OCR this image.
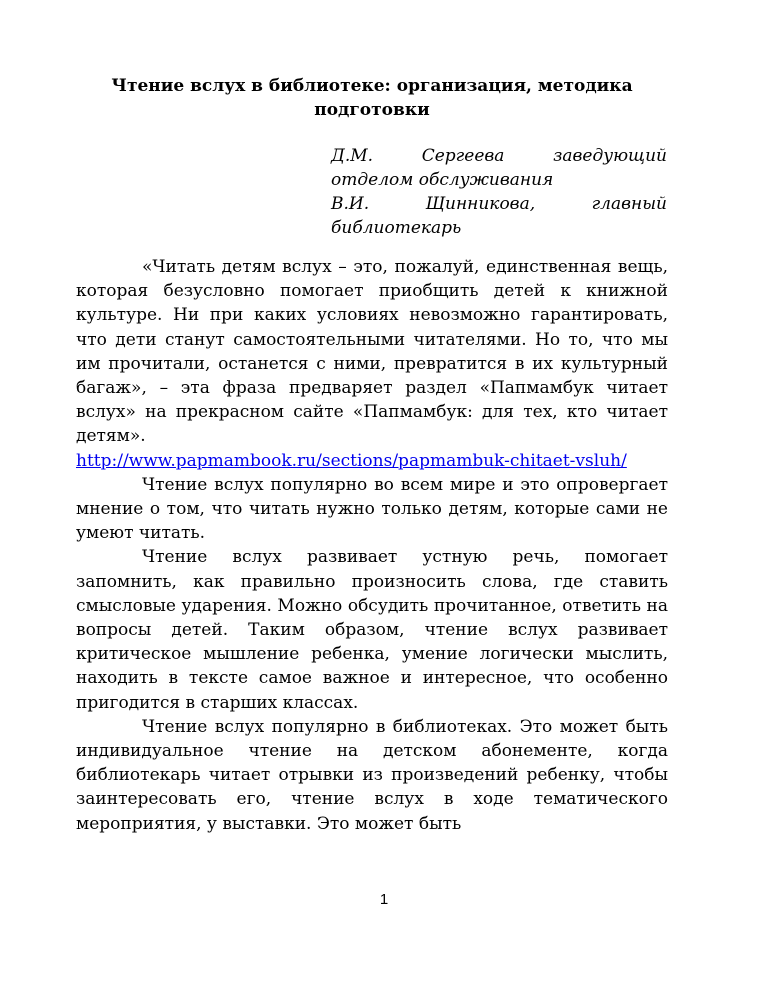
Чтение вслух в библиотеке: организация, методика подготовки
Д.М.	Сергеева	заведующий
отделом обслуживания
В.И.	Щинникова,	главный
библиотекарь

«Читать детям вслух – это, пожалуй, единственная вещь, которая безусловно помогает приобщить детей к книжной культуре. Ни при каких условиях невозможно гарантировать, что дети станут самостоятельными читателями. Но то, что мы им прочитали, останется с ними, превратится в их культурный багаж», – эта фраза предваряет раздел «Папмамбук читает вслух» на прекрасном сайте «Папмамбук: для тех, кто читает детям».

http://www.papmambook.ru/sections/papmambuk-chitaet-vsluh/

Чтение вслух популярно во всем мире и это опровергает мнение о том, что читать нужно только детям, которые сами не умеют читать.

Чтение вслух развивает устную речь, помогает запомнить, как правильно произносить слова, где ставить смысловые ударения. Можно обсудить прочитанное, ответить на вопросы детей. Таким образом, чтение вслух развивает критическое мышление ребенка, умение логически мыслить, находить в тексте самое важное и интересное, что особенно пригодится в старших классах.

Чтение вслух популярно в библиотеках. Это может быть индивидуальное чтение на детском абонементе, когда библиотекарь читает отрывки из произведений ребенку, чтобы заинтересовать его, чтение вслух в ходе тематического мероприятия, у выставки. Это может быть

1
